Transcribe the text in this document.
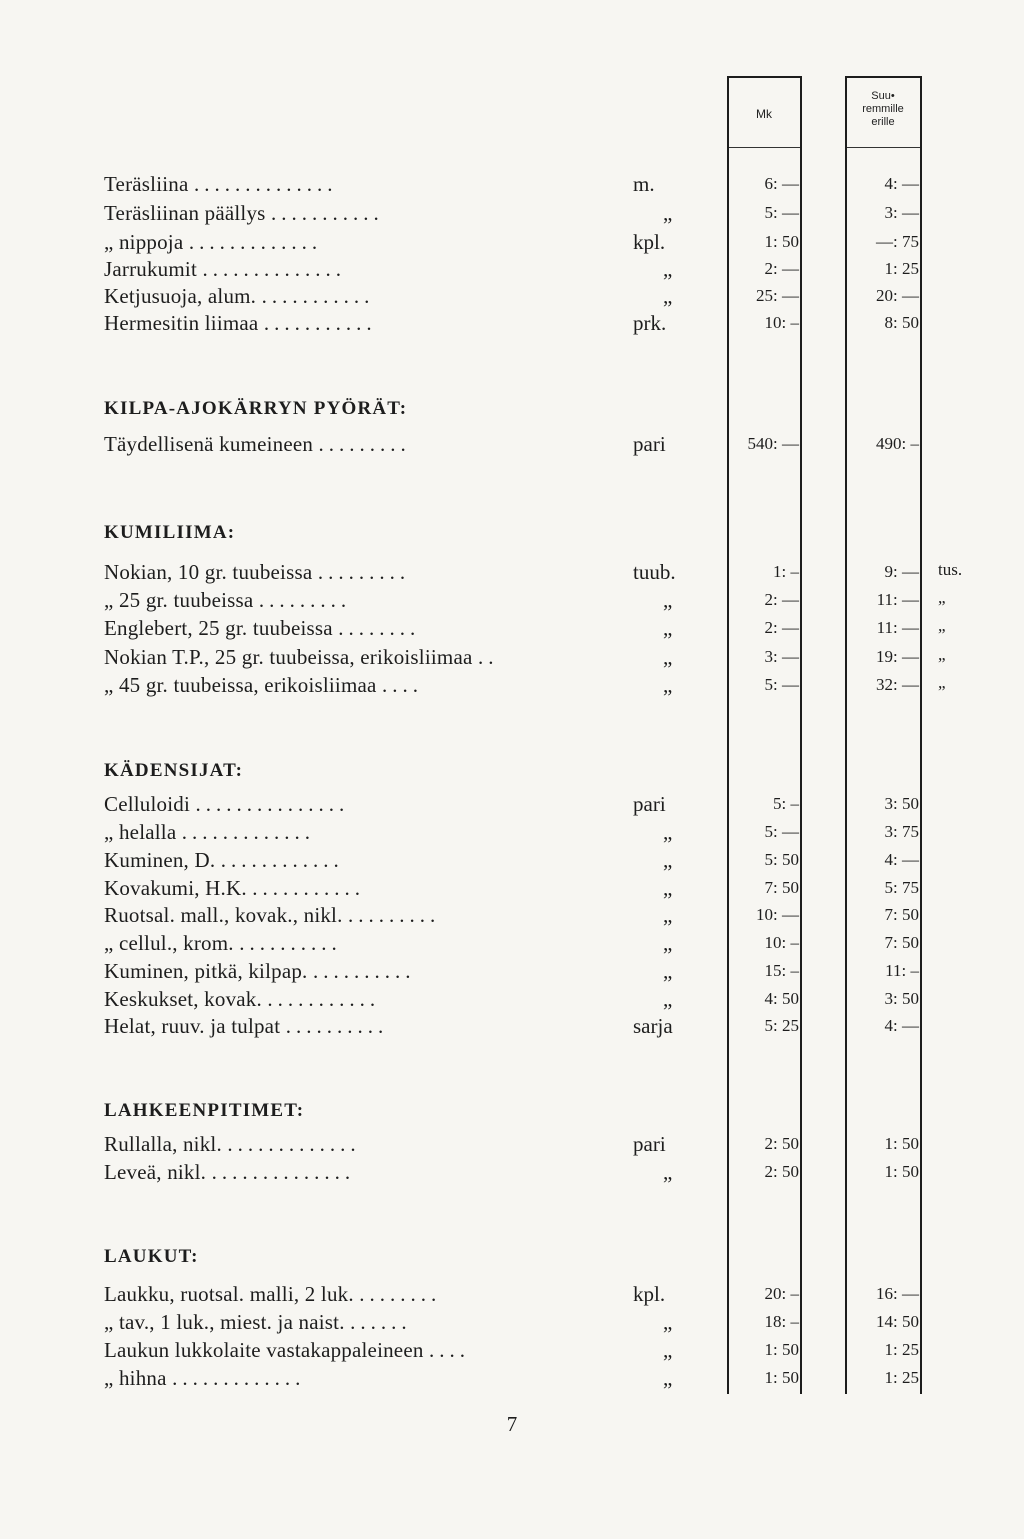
Mk
Suu•
remmille
erille
Teräsliina ..............	m.	6: —	4: —
Teräsliinan päällys ...........	„	5: —	3: —
„ nippoja .............	kpl.	1: 50	—: 75
Jarrukumit ..............	„	2: —	1: 25
Ketjusuoja, alum. ...........	„	25: —	20: —
Hermesitin liimaa ...........	prk.	10: –	8: 50
KILPA-AJOKÄRRYN PYÖRÄT:
Täydellisenä kumeineen .........	pari	540: —	490: –
KUMILIIMA:
Nokian, 10 gr. tuubeissa .........	tuub.	1: –	9: — tus.
„ 25 gr. tuubeissa .........	„	2: —	11: — „
Englebert, 25 gr. tuubeissa ........	„	2: —	11: — „
Nokian T.P., 25 gr. tuubeissa, erikoisliimaa ..	„	3: —	19: — „
„ 45 gr. tuubeissa, erikoisliimaa ....	„	5: —	32: — „
KÄDENSIJAT:
Celluloidi ...............	pari	5: –	3: 50
„ helalla .............	„	5: —	3: 75
Kuminen, D. ............	„	5: 50	4: —
Kovakumi, H.K. ...........	„	7: 50	5: 75
Ruotsal. mall., kovak., nikl. .........	„	10: —	7: 50
„ cellul., krom. ..........	„	10: –	7: 50
Kuminen, pitkä, kilpap. ..........	„	15: –	11: –
Keskukset, kovak. ...........	„	4: 50	3: 50
Helat, ruuv. ja tulpat ..........	sarja	5: 25	4: —
LAHKEENPITIMET:
Rullalla, nikl. .............	pari	2: 50	1: 50
Leveä, nikl. ..............	„	2: 50	1: 50
LAUKUT:
Laukku, ruotsal. malli, 2 luk. ........	kpl.	20: –	16: —
„ tav., 1 luk., miest. ja naist. ......	„	18: –	14: 50
Laukun lukkolaite vastakappaleineen ....	„	1: 50	1: 25
„ hihna .............	„	1: 50	1: 25
7
